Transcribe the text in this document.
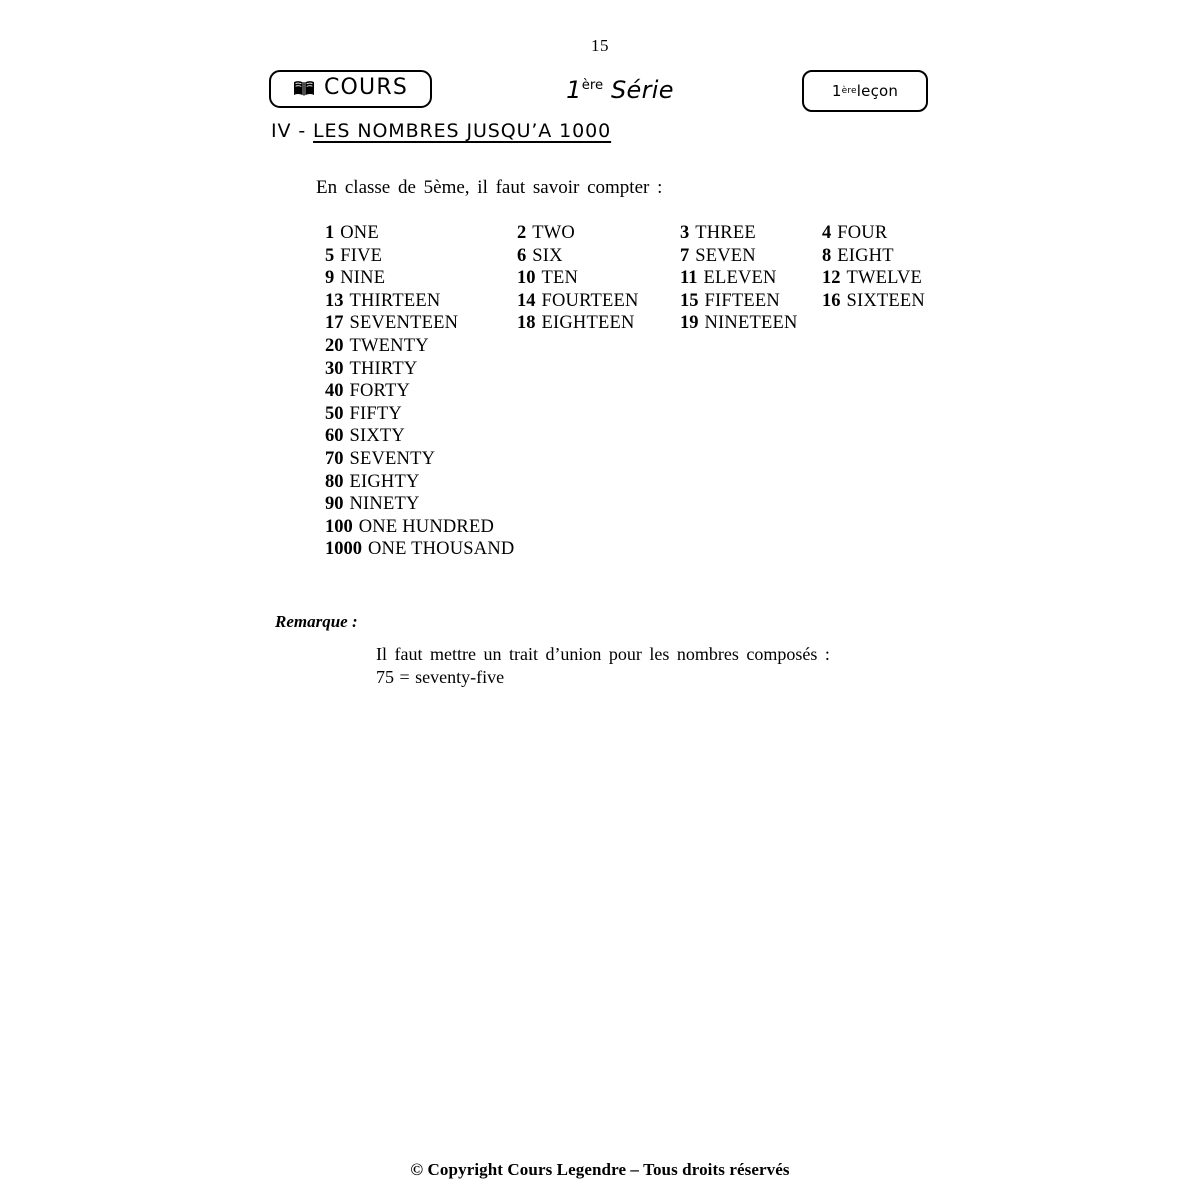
15
COURS	1ère Série	1 ère leçon
IV - LES NOMBRES JUSQU’A 1000
En classe de 5ème, il faut savoir compter :
1 ONE
5 FIVE
9 NINE
13 THIRTEEN
17 SEVENTEEN
20 TWENTY
30 THIRTY
40 FORTY
50 FIFTY
60 SIXTY
70 SEVENTY
80 EIGHTY
90 NINETY
100 ONE HUNDRED
1000 ONE THOUSAND
2 TWO
6 SIX
10 TEN
14 FOURTEEN
18 EIGHTEEN
3 THREE
7 SEVEN
11 ELEVEN
15 FIFTEEN
19 NINETEEN
4 FOUR
8 EIGHT
12 TWELVE
16 SIXTEEN
Remarque :
Il faut mettre un trait d’union pour les nombres composés :
75 = seventy-five
© Copyright Cours Legendre – Tous droits réservés
